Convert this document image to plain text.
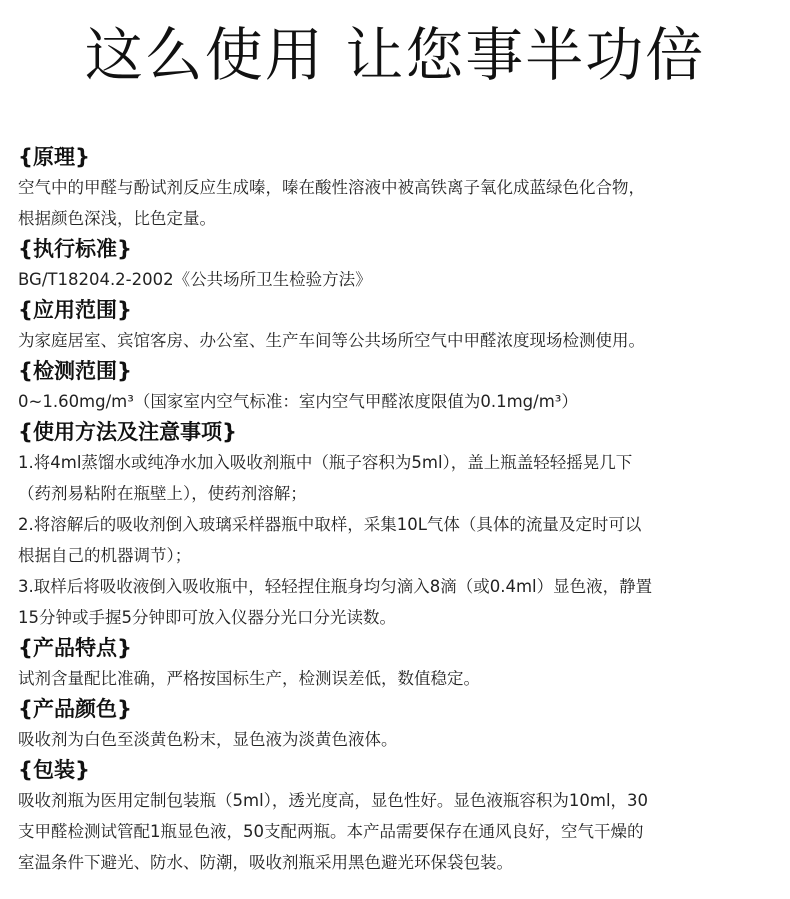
这么使用 让您事半功倍
{原理}
空气中的甲醛与酚试剂反应生成嗪，嗪在酸性溶液中被高铁离子氧化成蓝绿色化合物，
根据颜色深浅，比色定量。
{执行标准}
BG/T18204.2-2002《公共场所卫生检验方法》
{应用范围}
为家庭居室、宾馆客房、办公室、生产车间等公共场所空气中甲醛浓度现场检测使用。
{检测范围}
0~1.60mg/m³（国家室内空气标准：室内空气甲醛浓度限值为0.1mg/m³）
{使用方法及注意事项}
1.将4ml蒸馏水或纯净水加入吸收剂瓶中（瓶子容积为5ml），盖上瓶盖轻轻摇晃几下
（药剂易粘附在瓶壁上），使药剂溶解；
2.将溶解后的吸收剂倒入玻璃采样器瓶中取样，采集10L气体（具体的流量及定时可以
根据自己的机器调节）；
3.取样后将吸收液倒入吸收瓶中，轻轻捏住瓶身均匀滴入8滴（或0.4ml）显色液，静置
15分钟或手握5分钟即可放入仪器分光口分光读数。
{产品特点}
试剂含量配比准确，严格按国标生产，检测误差低，数值稳定。
{产品颜色}
吸收剂为白色至淡黄色粉末，显色液为淡黄色液体。
{包装}
吸收剂瓶为医用定制包装瓶（5ml），透光度高，显色性好。显色液瓶容积为10ml，30
支甲醛检测试管配1瓶显色液，50支配两瓶。本产品需要保存在通风良好，空气干燥的
室温条件下避光、防水、防潮，吸收剂瓶采用黑色避光环保袋包装。
